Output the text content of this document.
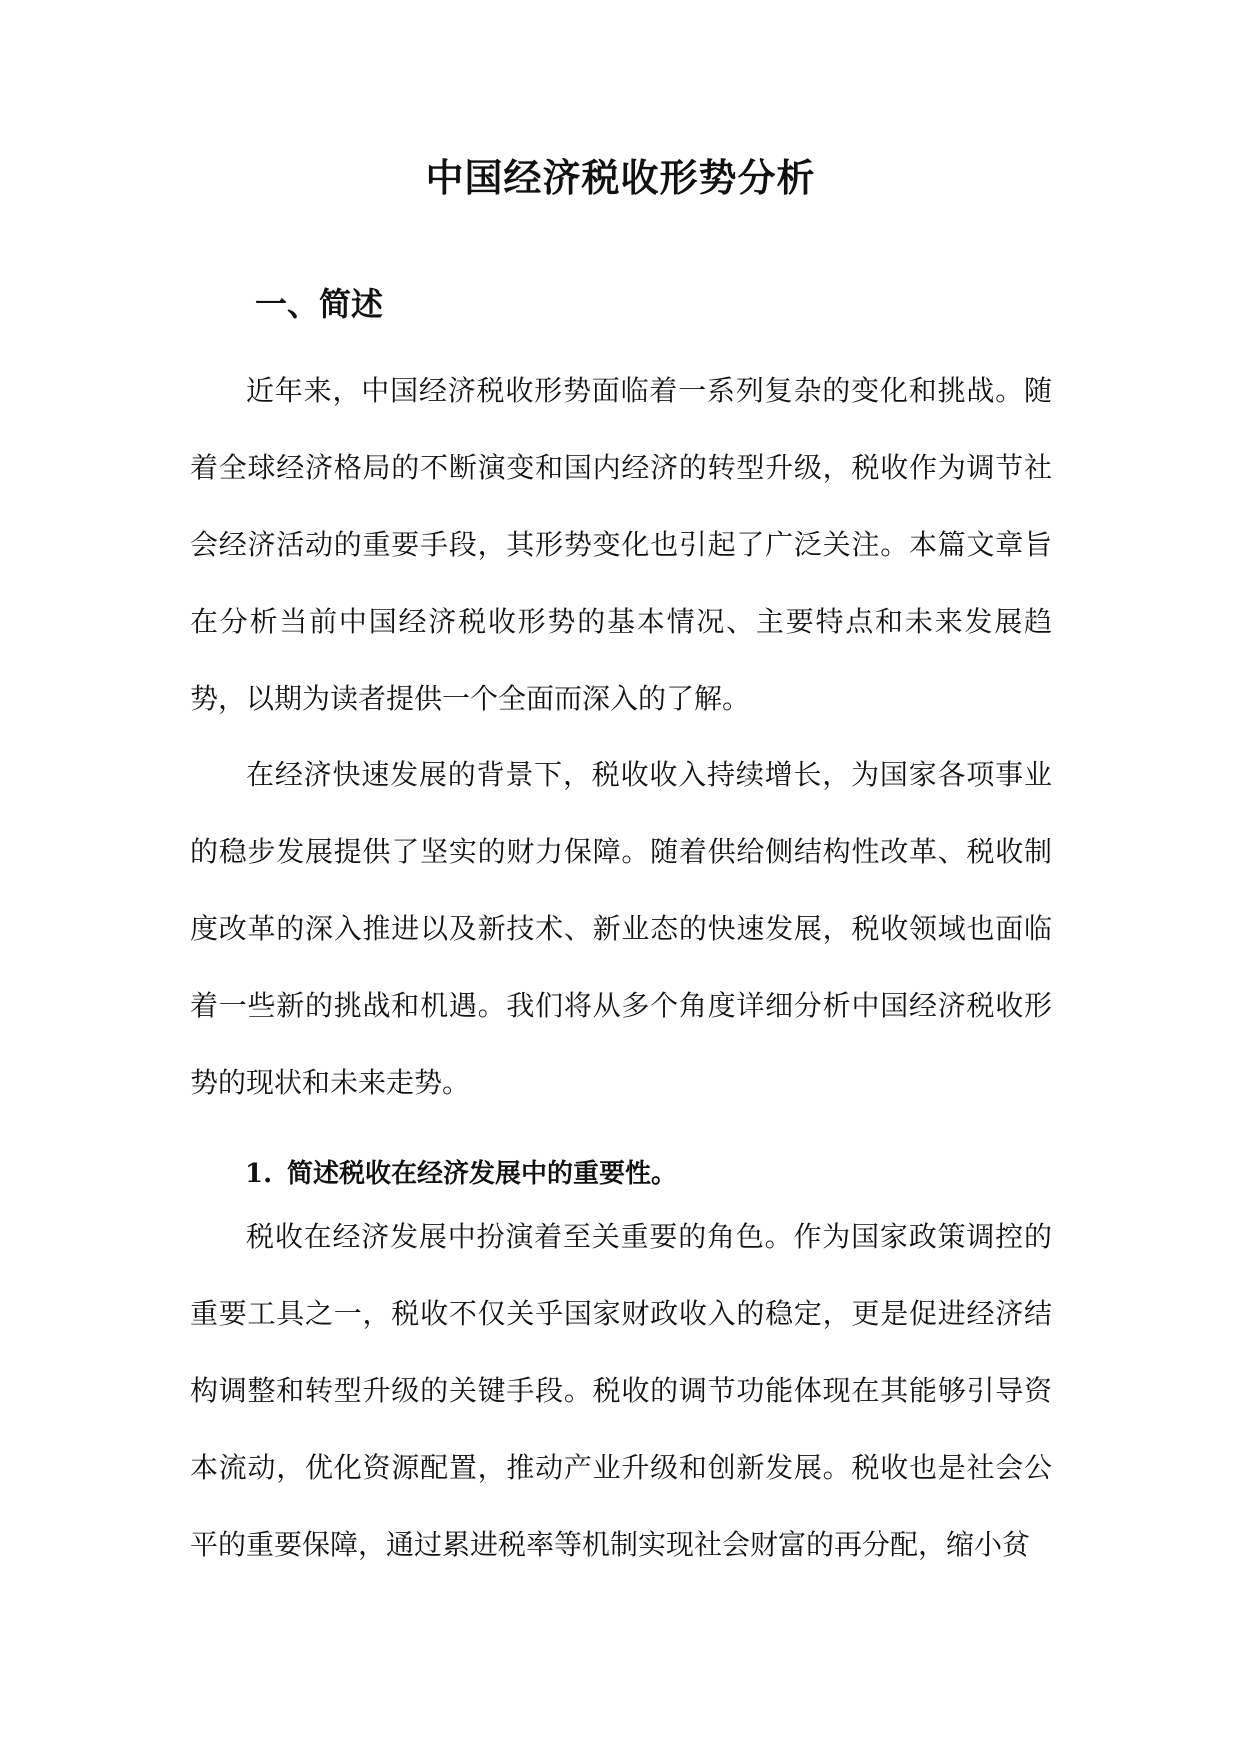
中国经济税收形势分析
一、简述

近年来，中国经济税收形势面临着一系列复杂的变化和挑战。随着全球经济格局的不断演变和国内经济的转型升级，税收作为调节社会经济活动的重要手段，其形势变化也引起了广泛关注。本篇文章旨在分析当前中国经济税收形势的基本情况、主要特点和未来发展趋势，以期为读者提供一个全面而深入的了解。

在经济快速发展的背景下，税收收入持续增长，为国家各项事业的稳步发展提供了坚实的财力保障。随着供给侧结构性改革、税收制度改革的深入推进以及新技术、新业态的快速发展，税收领域也面临着一些新的挑战和机遇。我们将从多个角度详细分析中国经济税收形势的现状和未来走势。

1. 简述税收在经济发展中的重要性。

税收在经济发展中扮演着至关重要的角色。作为国家政策调控的重要工具之一，税收不仅关乎国家财政收入的稳定，更是促进经济结构调整和转型升级的关键手段。税收的调节功能体现在其能够引导资本流动，优化资源配置，推动产业升级和创新发展。税收也是社会公平的重要保障，通过累进税率等机制实现社会财富的再分配，缩小贫
